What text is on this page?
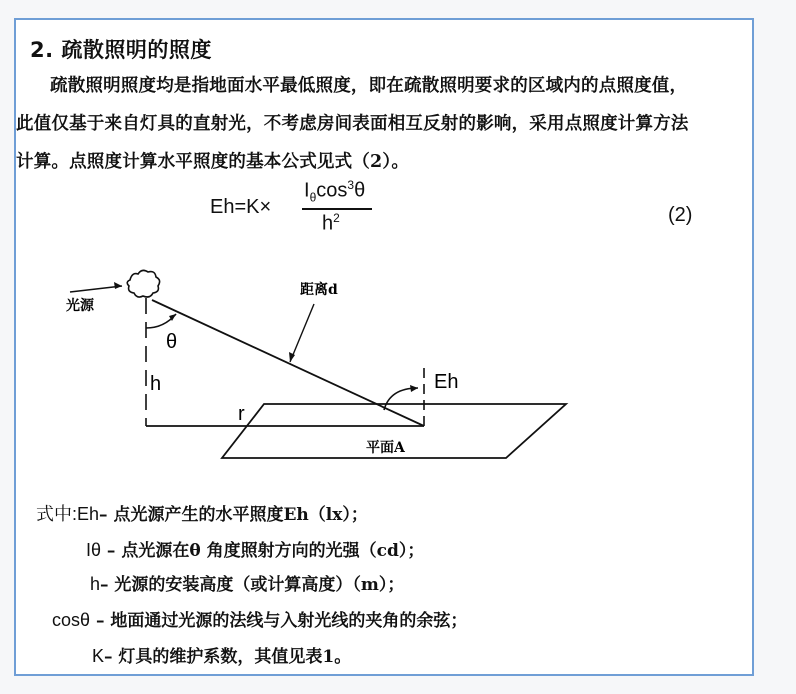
2. 疏散照明的照度
疏散照明照度均是指地面水平最低照度，即在疏散照明要求的区域内的点照度值，
此值仅基于来自灯具的直射光，不考虑房间表面相互反射的影响，采用点照度计算方法
计算。点照度计算水平照度的基本公式见式（2）。
Eh=K×
$I_\theta\cos^3\theta$
$h^2$	(2)
光源
θ
h
距离d
r
平面A
Eh
式中:Eh– 点光源产生的水平照度Eh（lx）；
Iθ – 点光源在θ 角度照射方向的光强（cd）；
h– 光源的安装高度（或计算高度）（m）；
cosθ – 地面通过光源的法线与入射光线的夹角的余弦；
K– 灯具的维护系数，其值见表1。
